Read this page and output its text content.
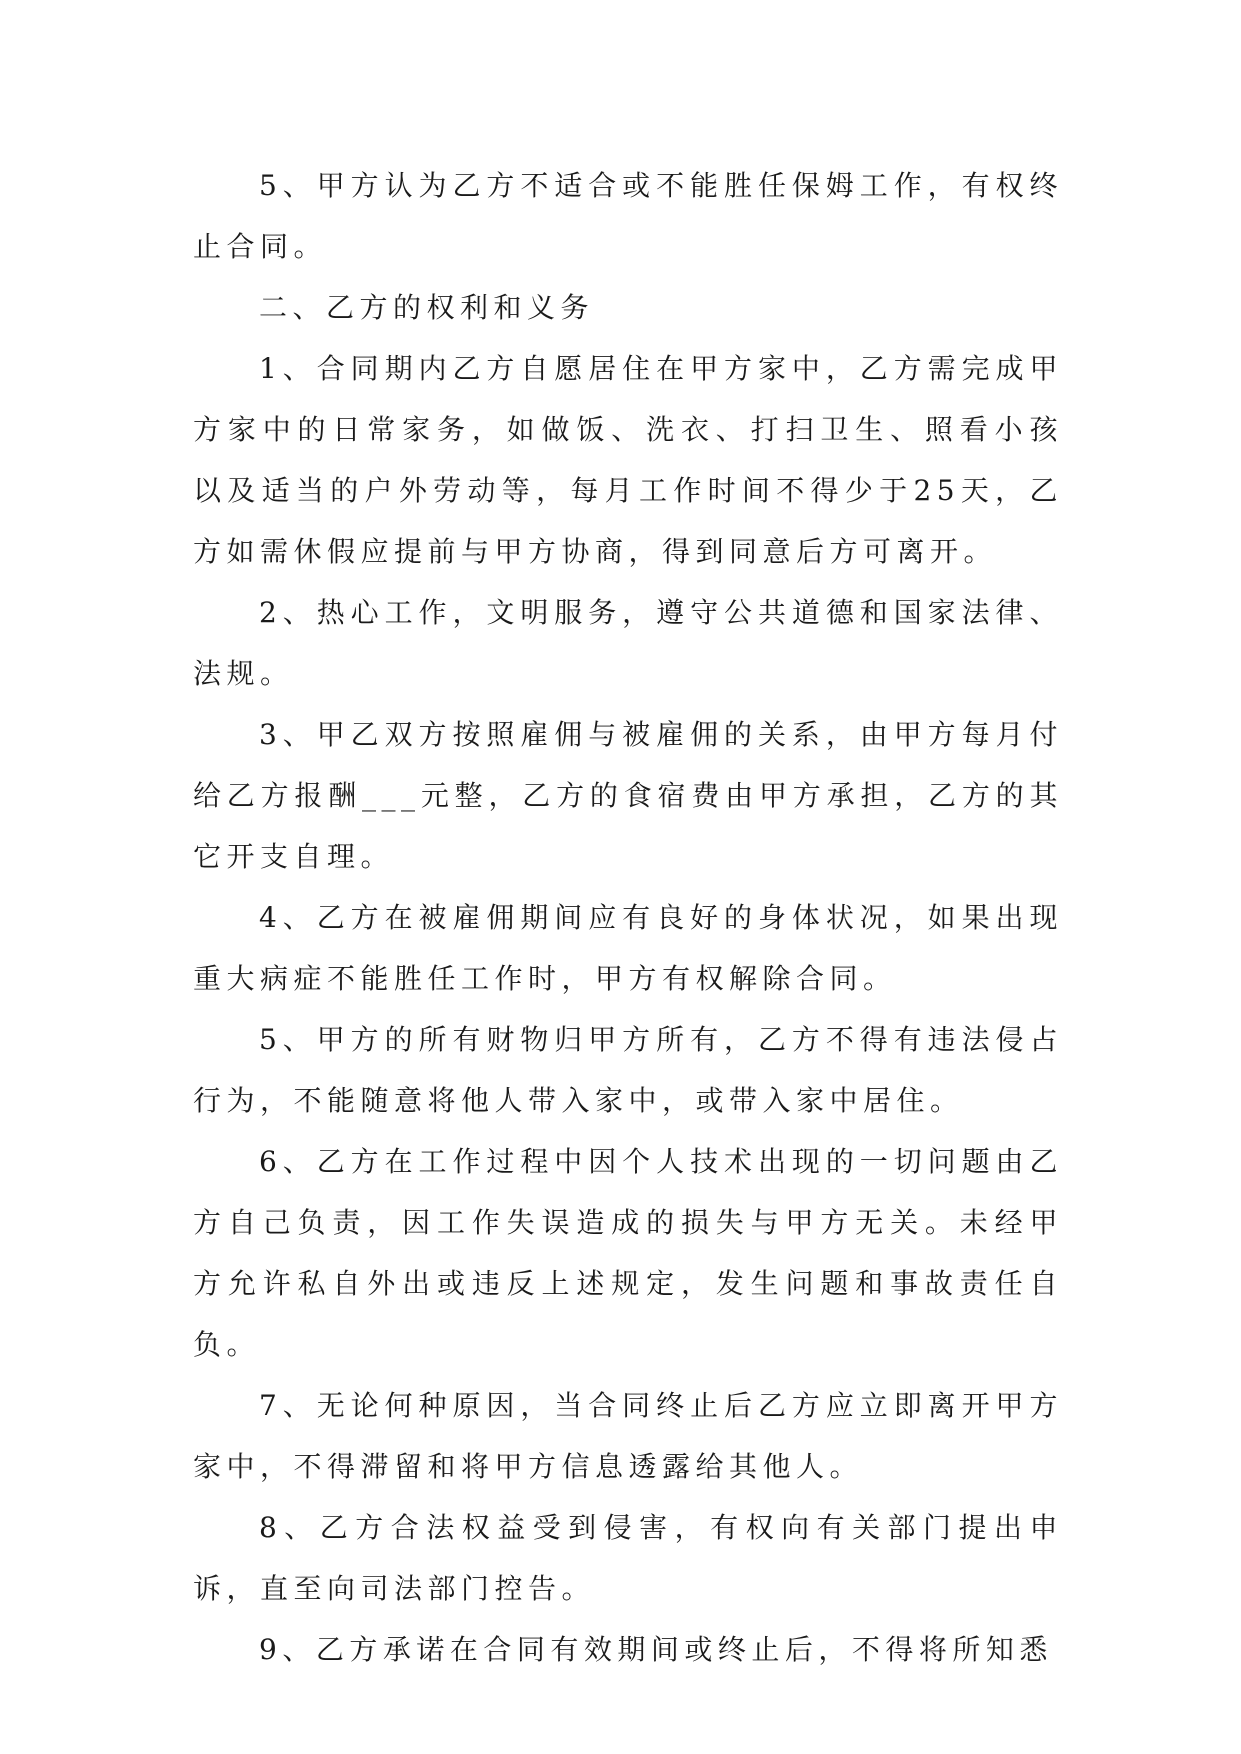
5、甲方认为乙方不适合或不能胜任保姆工作，有权终止合同。

二、乙方的权利和义务

1、合同期内乙方自愿居住在甲方家中，乙方需完成甲方家中的日常家务，如做饭、洗衣、打扫卫生、照看小孩以及适当的户外劳动等，每月工作时间不得少于25天，乙方如需休假应提前与甲方协商，得到同意后方可离开。

2、热心工作，文明服务，遵守公共道德和国家法律、法规。

3、甲乙双方按照雇佣与被雇佣的关系，由甲方每月付给乙方报酬___元整，乙方的食宿费由甲方承担，乙方的其它开支自理。

4、乙方在被雇佣期间应有良好的身体状况，如果出现重大病症不能胜任工作时，甲方有权解除合同。

5、甲方的所有财物归甲方所有，乙方不得有违法侵占行为，不能随意将他人带入家中，或带入家中居住。

6、乙方在工作过程中因个人技术出现的一切问题由乙方自己负责，因工作失误造成的损失与甲方无关。未经甲方允许私自外出或违反上述规定，发生问题和事故责任自负。

7、无论何种原因，当合同终止后乙方应立即离开甲方家中，不得滞留和将甲方信息透露给其他人。

8、乙方合法权益受到侵害，有权向有关部门提出申诉，直至向司法部门控告。

9、乙方承诺在合同有效期间或终止后，不得将所知悉
